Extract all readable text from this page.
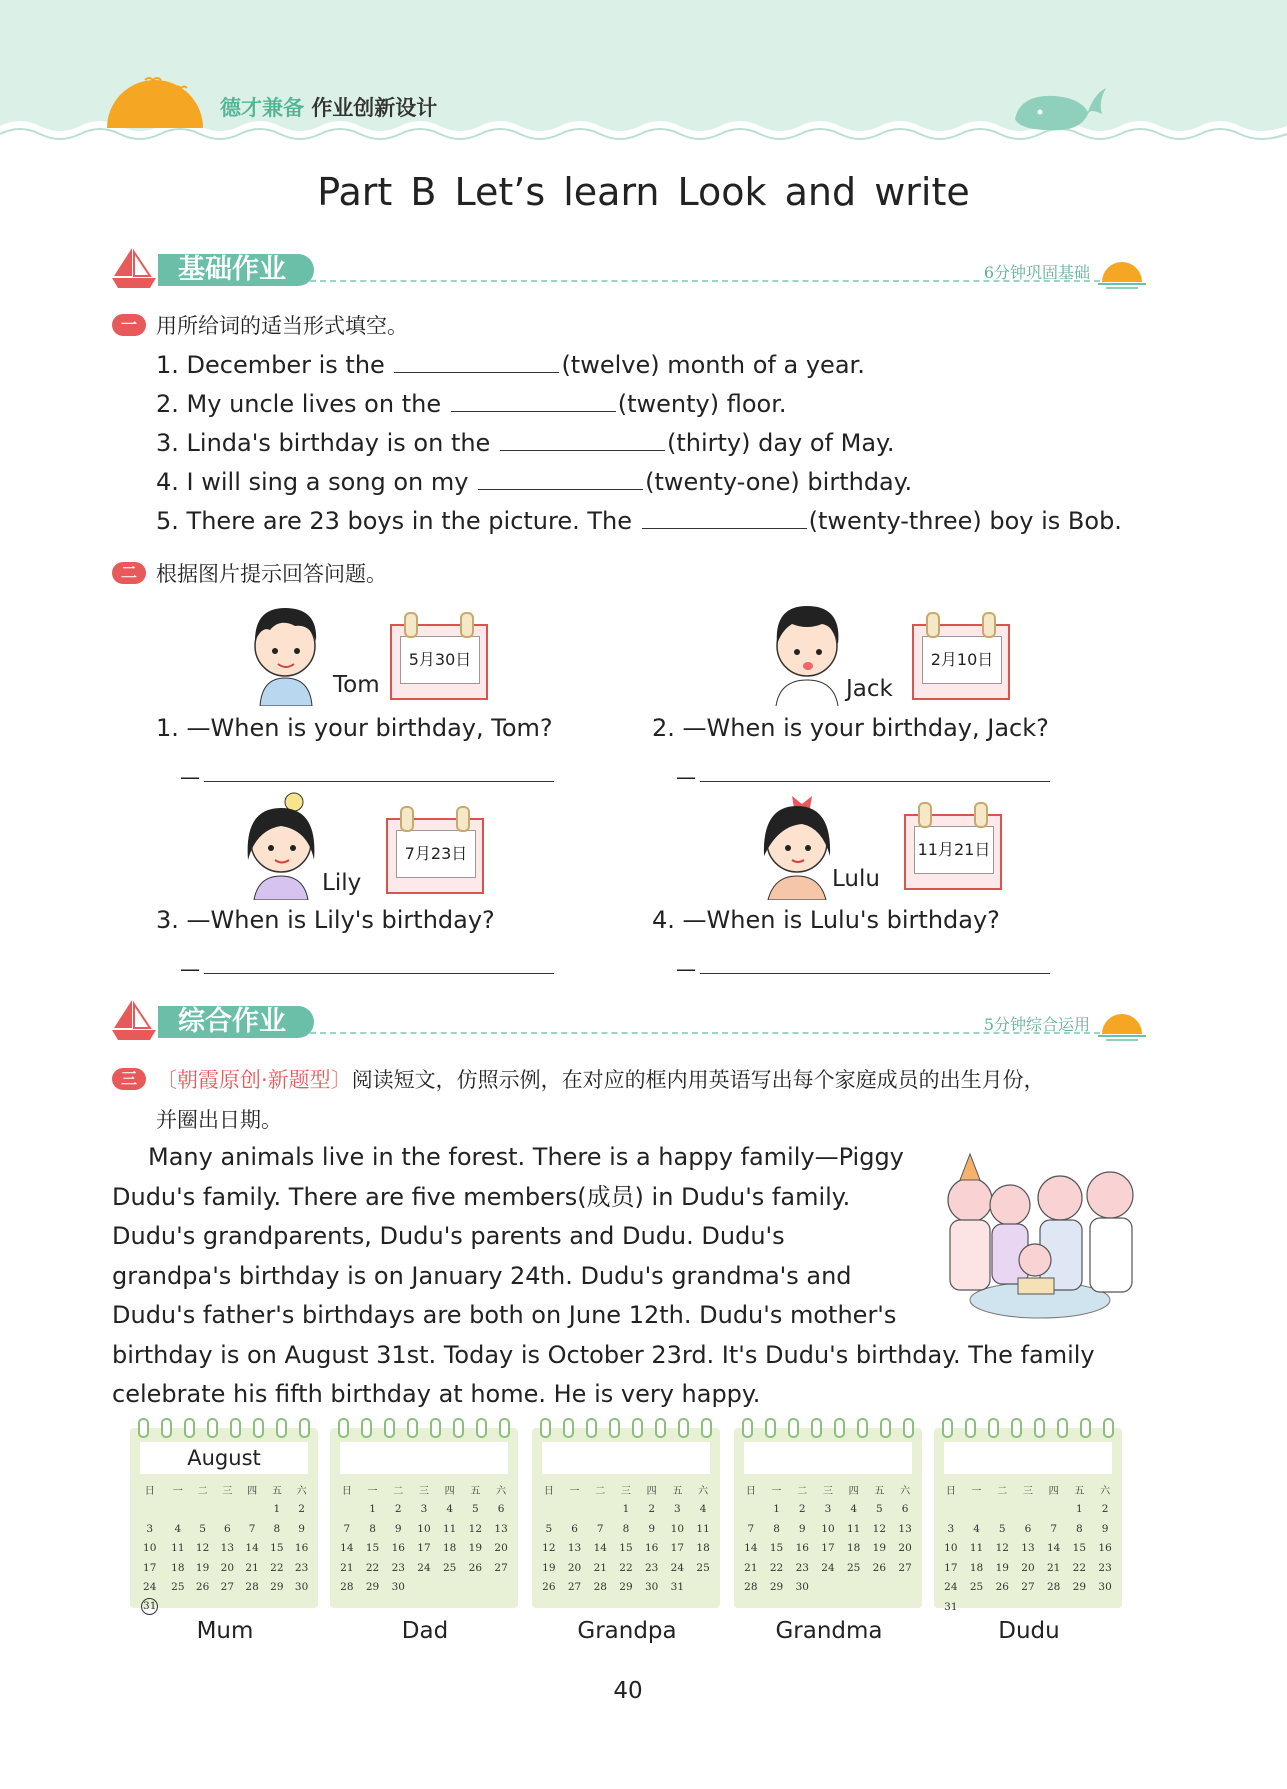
德才兼备 作业创新设计
Part B Let’s learn Look and write
基础作业	6分钟巩固基础
一 用所给词的适当形式填空。
1. December is the	(twelve) month of a year.
2. My uncle lives on the	(twenty) floor.
3. Linda's birthday is on the	(thirty) day of May.
4. I will sing a song on my	(twenty-one) birthday.
5. There are 23 boys in the picture. The	(twenty-three) boy is Bob.
二 根据图片提示回答问题。
Tom
5月30日
1. —When is your birthday, Tom?
—
Jack
2月10日
2. —When is your birthday, Jack?
—
Lily
7月23日
3. —When is Lily's birthday?
—
Lulu
11月21日
4. —When is Lulu's birthday?
—
综合作业	5分钟综合运用
三 〔朝霞原创·新题型〕阅读短文，仿照示例，在对应的框内用英语写出每个家庭成员的出生月份，
并圈出日期。
Many animals live in the forest. There is a happy family—Piggy Dudu's family. There are five members(成员) in Dudu's family. Dudu's grandparents, Dudu's parents and Dudu. Dudu's grandpa's birthday is on January 24th. Dudu's grandma's and Dudu's father's birthdays are both on June 12th. Dudu's mother's birthday is on August 31st. Today is October 23rd. It's Dudu's birthday. The family celebrate his fifth birthday at home. He is very happy.
August
日	一	二	三	四	五	六
					1	2
3	4	5	6	7	8	9
10	11	12	13	14	15	16
17	18	19	20	21	22	23
24	25	26	27	28	29	30
31						
Mum
日	一	二	三	四	五	六
	1	2	3	4	5	6
7	8	9	10	11	12	13
14	15	16	17	18	19	20
21	22	23	24	25	26	27
28	29	30				
Dad
日	一	二	三	四	五	六
			1	2	3	4
5	6	7	8	9	10	11
12	13	14	15	16	17	18
19	20	21	22	23	24	25
26	27	28	29	30	31	
Grandpa
日	一	二	三	四	五	六
	1	2	3	4	5	6
7	8	9	10	11	12	13
14	15	16	17	18	19	20
21	22	23	24	25	26	27
28	29	30				
Grandma
日	一	二	三	四	五	六
					1	2
3	4	5	6	7	8	9
10	11	12	13	14	15	16
17	18	19	20	21	22	23
24	25	26	27	28	29	30
31						
Dudu
40
